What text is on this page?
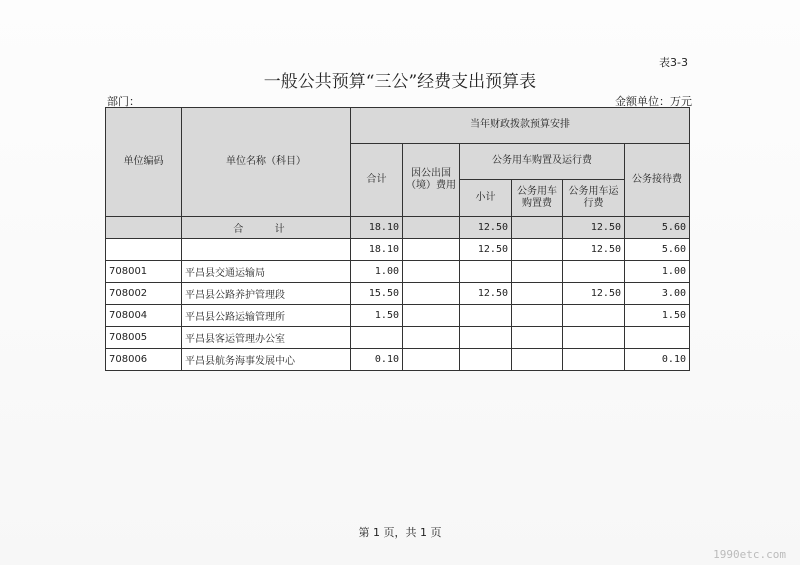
表3-3
一般公共预算“三公”经费支出预算表
部门：	金额单位：万元
单位编码	单位名称（科目）	当年财政拨款预算安排					
		合计	因公出国（境）费用	公务用车购置及运行费			公务接待费
				小计	公务用车购置费	公务用车运行费	
	合 计	18.10		12.50		12.50	5.60
		18.10		12.50		12.50	5.60
708001	平昌县交通运输局	1.00					1.00
708002	平昌县公路养护管理段	15.50		12.50		12.50	3.00
708004	平昌县公路运输管理所	1.50					1.50
708005	平昌县客运管理办公室						
708006	平昌县航务海事发展中心	0.10					0.10
第 1 页，共 1 页
1990etc.com
